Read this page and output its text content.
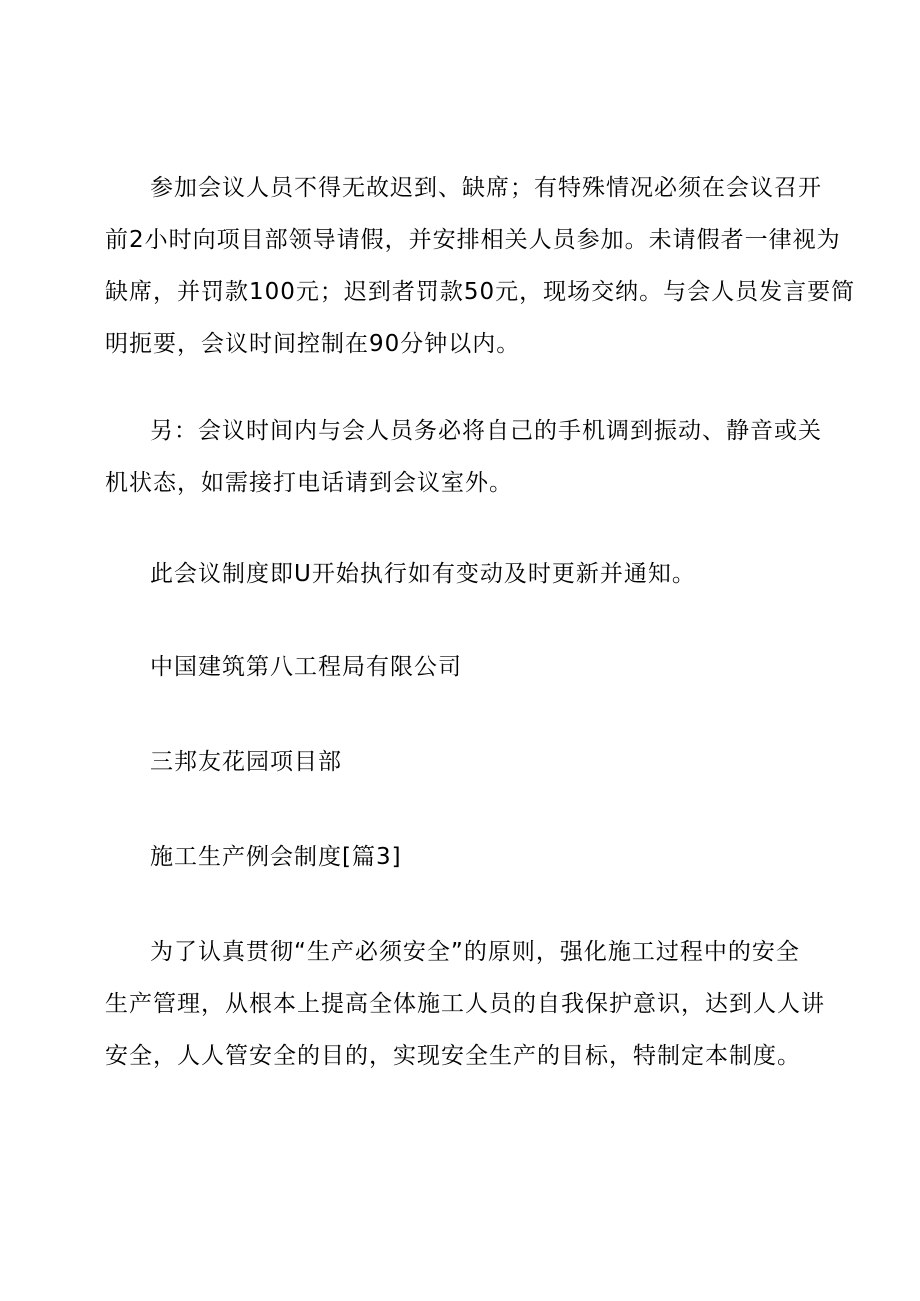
参加会议人员不得无故迟到、缺席；有特殊情况必须在会议召开
前2小时向项目部领导请假，并安排相关人员参加。未请假者一律视为
缺席，并罚款100元；迟到者罚款50元，现场交纳。与会人员发言要简
明扼要，会议时间控制在90分钟以内。

另：会议时间内与会人员务必将自己的手机调到振动、静音或关
机状态，如需接打电话请到会议室外。

此会议制度即U开始执行如有变动及时更新并通知。

中国建筑第八工程局有限公司

三邦友花园项目部

施工生产例会制度[篇3]

为了认真贯彻“生产必须安全”的原则，强化施工过程中的安全
生产管理，从根本上提高全体施工人员的自我保护意识，达到人人讲
安全，人人管安全的目的，实现安全生产的目标，特制定本制度。
